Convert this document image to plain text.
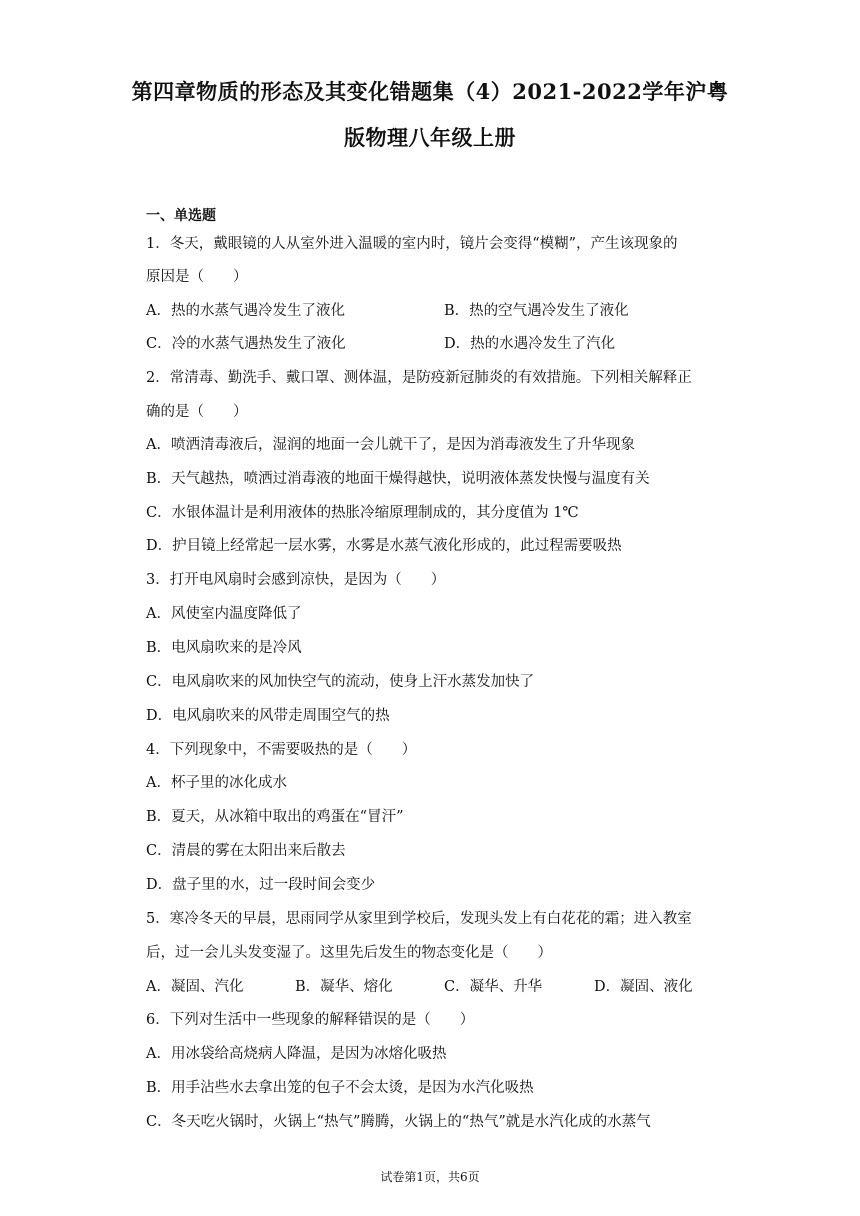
第四章物质的形态及其变化错题集（4）2021-2022学年沪粤
版物理八年级上册
一、单选题
1．冬天，戴眼镜的人从室外进入温暖的室内时，镜片会变得“模糊”，产生该现象的
原因是（　　）
A．热的水蒸气遇冷发生了液化	B．热的空气遇冷发生了液化
C．冷的水蒸气遇热发生了液化	D．热的水遇冷发生了汽化
2．常清毒、勤洗手、戴口罩、测体温，是防疫新冠肺炎的有效措施。下列相关解释正
确的是（　　）
A．喷洒清毒液后，湿润的地面一会儿就干了，是因为消毒液发生了升华现象
B．天气越热，喷洒过消毒液的地面干燥得越快，说明液体蒸发快慢与温度有关
C．水银体温计是利用液体的热胀冷缩原理制成的，其分度值为 1℃
D．护目镜上经常起一层水雾，水雾是水蒸气液化形成的，此过程需要吸热
3．打开电风扇时会感到凉快，是因为（　　）
A．风使室内温度降低了
B．电风扇吹来的是冷风
C．电风扇吹来的风加快空气的流动，使身上汗水蒸发加快了
D．电风扇吹来的风带走周围空气的热
4．下列现象中，不需要吸热的是（　　）
A．杯子里的冰化成水
B．夏天，从冰箱中取出的鸡蛋在“冒汗”
C．清晨的雾在太阳出来后散去
D．盘子里的水，过一段时间会变少
5．寒冷冬天的早晨，思雨同学从家里到学校后，发现头发上有白花花的霜；进入教室
后，过一会儿头发变湿了。这里先后发生的物态变化是（　　）
A．凝固、汽化	B．凝华、熔化	C．凝华、升华	D．凝固、液化
6．下列对生活中一些现象的解释错误的是（　　）
A．用冰袋给高烧病人降温，是因为冰熔化吸热
B．用手沾些水去拿出笼的包子不会太烫，是因为水汽化吸热
C．冬天吃火锅时，火锅上“热气”腾腾，火锅上的“热气”就是水汽化成的水蒸气
试卷第1页，共6页
